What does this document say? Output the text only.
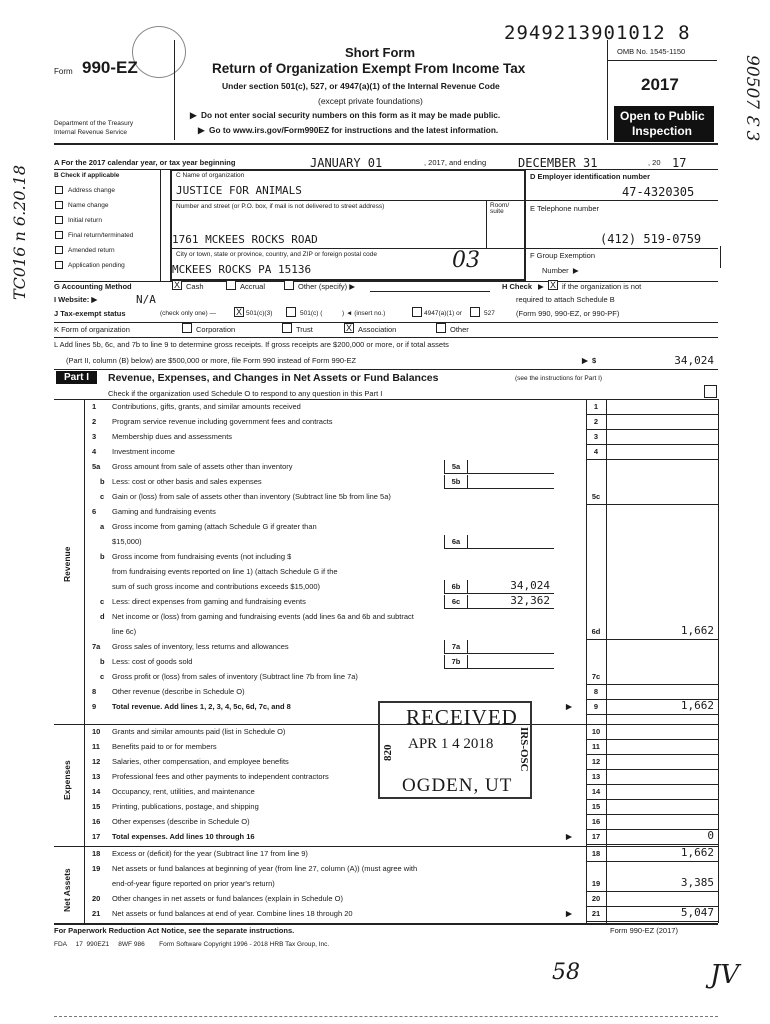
2949213901012 8
Form 990-EZ
Short Form
Return of Organization Exempt From Income Tax
Under section 501(c), 527, or 4947(a)(1) of the Internal Revenue Code
(except private foundations)
▶  Do not enter social security numbers on this form as it may be made public.
▶  Go to www.irs.gov/Form990EZ for instructions and the latest information.
Department of the Treasury
Internal Revenue Service
OMB No. 1545-1150
2017
Open to Public
Inspection	90507 Ɛ 3
TC016 n 6.20.18
A For the 2017 calendar year, or tax year beginning	JANUARY 01	, 2017, and ending	DECEMBER 31	, 20 17
B Check if applicable
Address change
Name change
Initial return
Final return/terminated
Amended return
Application pending
C Name of organization
JUSTICE FOR ANIMALS
Number and street (or P.O. box, if mail is not delivered to street address)	Room/ suite
1761 MCKEES ROCKS ROAD
City or town, state or province, country, and ZIP or foreign postal code
MCKEES ROCKS PA 15136	03
D Employer identification number
47-4320305
E Telephone number
(412) 519-0759
F Group Exemption
Number  ▶
G Accounting Method	X Cash	Accrual	Other (specify) ▶	H Check ▶ X if the organization is not
required to attach Schedule B
(Form 990, 990-EZ, or 990-PF)
I Website: ▶	N/A
J Tax-exempt status	(check only one) — X 501(c)(3)	501(c) (	) ◄ (insert no.)	4947(a)(1) or	527
K Form of organization	Corporation	Trust	X Association	Other
L Add lines 5b, 6c, and 7b to line 9 to determine gross receipts. If gross receipts are $200,000 or more, or if total assets
(Part II, column (B) below) are $500,000 or more, file Form 990 instead of Form 990-EZ	▶  $	34,024
Part I	Revenue, Expenses, and Changes in Net Assets or Fund Balances	(see the instructions for Part I)
Check if the organization used Schedule O to respond to any question in this Part I
1 Contributions, gifts, grants, and similar amounts received	1
2 Program service revenue including government fees and contracts	2
3 Membership dues and assessments	3
4 Investment income	4
5a Gross amount from sale of assets other than inventory	5a
b Less: cost or other basis and sales expenses	5b
c Gain or (loss) from sale of assets other than inventory (Subtract line 5b from line 5a)	5c
6 Gaming and fundraising events
a Gross income from gaming (attach Schedule G if greater than
$15,000)	6a
b Gross income from fundraising events (not including $
from fundraising events reported on line 1) (attach Schedule G if the
sum of such gross income and contributions exceeds $15,000)	6b	34,024
c Less: direct expenses from gaming and fundraising events	6c	32,362
d Net income or (loss) from gaming and fundraising events (add lines 6a and 6b and subtract
line 6c)	6d	1,662
7a Gross sales of inventory, less returns and allowances	7a
b Less: cost of goods sold	7b
c Gross profit or (loss) from sales of inventory (Subtract line 7b from line 7a)	7c
8 Other revenue (describe in Schedule O)	8
9 Total revenue. Add lines 1, 2, 3, 4, 5c, 6d, 7c, and 8	9	1,662
▶
10 Grants and similar amounts paid (list in Schedule O)	10
11 Benefits paid to or for members	11
12 Salaries, other compensation, and employee benefits	12
13 Professional fees and other payments to independent contractors	13
14 Occupancy, rent, utilities, and maintenance	14
15 Printing, publications, postage, and shipping	15
16 Other expenses (describe in Schedule O)	16
17 Total expenses. Add lines 10 through 16	17	0
▶
18 Excess or (deficit) for the year (Subtract line 17 from line 9)	18	1,662
19 Net assets or fund balances at beginning of year (from line 27, column (A)) (must agree with
end-of-year figure reported on prior year's return)	19	3,385
20 Other changes in net assets or fund balances (explain in Schedule O)	20
21 Net assets or fund balances at end of year. Combine lines 18 through 20	21	5,047
▶
Revenue
Expenses
Net Assets
RECEIVED
APR 1 4 2018
OGDEN, UT
820	IRS-OSC
For Paperwork Reduction Act Notice, see the separate instructions.	Form 990-EZ (2017)
FDA     17  990EZ1     8WF 986        Form Software Copyright 1996 - 2018 HRB Tax Group, Inc.
58	JV
